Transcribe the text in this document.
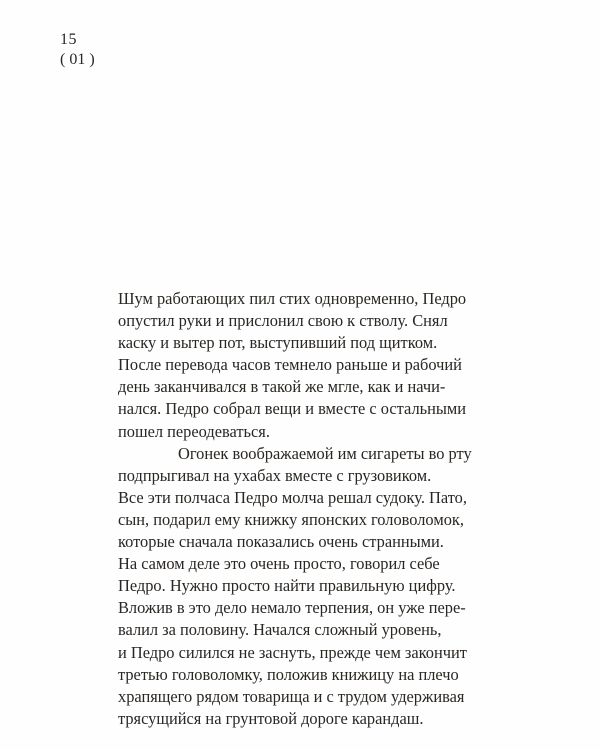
15
( 01 )
Шум работающих пил стих одновременно, Педро
опустил руки и прислонил свою к стволу. Снял
каску и вытер пот, выступивший под щитком.
После перевода часов темнело раньше и рабочий
день заканчивался в такой же мгле, как и начи-
нался. Педро собрал вещи и вместе с остальными
пошел переодеваться.
Огонек воображаемой им сигареты во рту
подпрыгивал на ухабах вместе с грузовиком.
Все эти полчаса Педро молча решал судоку. Пато,
сын, подарил ему книжку японских головоломок,
которые сначала показались очень странными.
На самом деле это очень просто, говорил себе
Педро. Нужно просто найти правильную цифру.
Вложив в это дело немало терпения, он уже пере-
валил за половину. Начался сложный уровень,
и Педро силился не заснуть, прежде чем закончит
третью головоломку, положив книжицу на плечо
храпящего рядом товарища и с трудом удерживая
трясущийся на грунтовой дороге карандаш.
